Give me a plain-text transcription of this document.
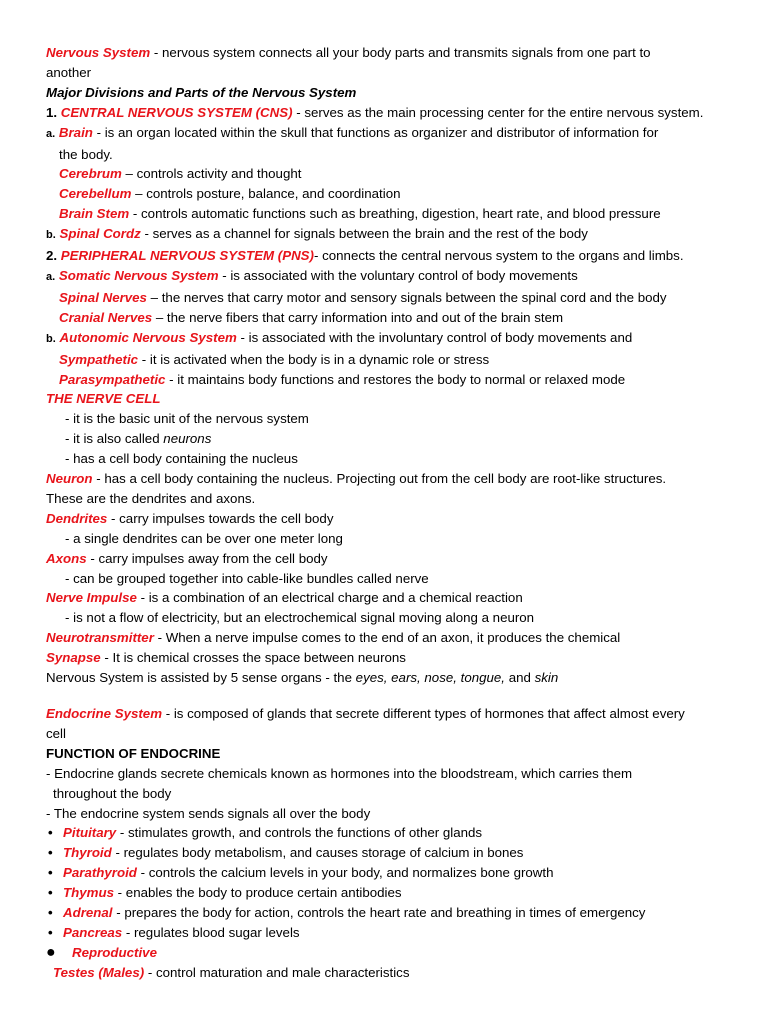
Nervous System - nervous system connects all your body parts and transmits signals from one part to
another
Major Divisions and Parts of the Nervous System
1. CENTRAL NERVOUS SYSTEM (CNS) - serves as the main processing center for the entire nervous system.
a. Brain - is an organ located within the skull that functions as organizer and distributor of information for
the body.
Cerebrum – controls activity and thought
Cerebellum – controls posture, balance, and coordination
Brain Stem - controls automatic functions such as breathing, digestion, heart rate, and blood pressure
b. Spinal Cordz - serves as a channel for signals between the brain and the rest of the body
2. PERIPHERAL NERVOUS SYSTEM (PNS)- connects the central nervous system to the organs and limbs.
a. Somatic Nervous System - is associated with the voluntary control of body movements
Spinal Nerves – the nerves that carry motor and sensory signals between the spinal cord and the body
Cranial Nerves – the nerve fibers that carry information into and out of the brain stem
b. Autonomic Nervous System - is associated with the involuntary control of body movements and
Sympathetic - it is activated when the body is in a dynamic role or stress
Parasympathetic - it maintains body functions and restores the body to normal or relaxed mode
THE NERVE CELL
- it is the basic unit of the nervous system
- it is also called neurons
- has a cell body containing the nucleus
Neuron - has a cell body containing the nucleus. Projecting out from the cell body are root-like structures.
These are the dendrites and axons.
Dendrites - carry impulses towards the cell body
- a single dendrites can be over one meter long
Axons - carry impulses away from the cell body
- can be grouped together into cable-like bundles called nerve
Nerve Impulse - is a combination of an electrical charge and a chemical reaction
- is not a flow of electricity, but an electrochemical signal moving along a neuron
Neurotransmitter - When a nerve impulse comes to the end of an axon, it produces the chemical
Synapse - It is chemical crosses the space between neurons
Nervous System is assisted by 5 sense organs - the eyes, ears, nose, tongue, and skin
Endocrine System - is composed of glands that secrete different types of hormones that affect almost every
cell
FUNCTION OF ENDOCRINE
- Endocrine glands secrete chemicals known as hormones into the bloodstream, which carries them
throughout the body
- The endocrine system sends signals all over the body
• Pituitary - stimulates growth, and controls the functions of other glands
• Thyroid - regulates body metabolism, and causes storage of calcium in bones
• Parathyroid - controls the calcium levels in your body, and normalizes bone growth
• Thymus - enables the body to produce certain antibodies
• Adrenal - prepares the body for action, controls the heart rate and breathing in times of emergency
• Pancreas - regulates blood sugar levels
● Reproductive
Testes (Males) - control maturation and male characteristics
